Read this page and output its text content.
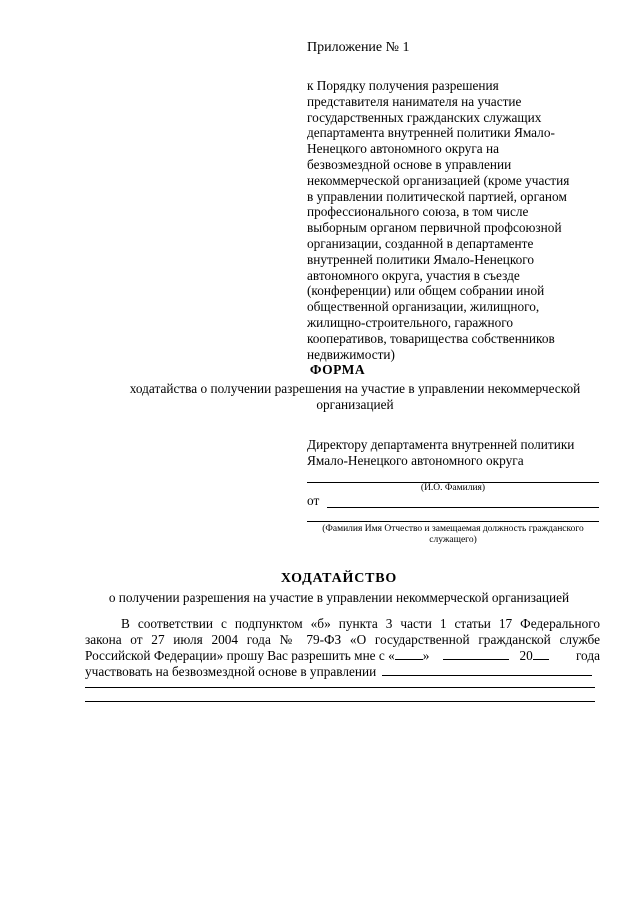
Приложение № 1
к Порядку получения разрешения
представителя нанимателя на участие
государственных гражданских служащих
департамента внутренней политики Ямало-
Ненецкого автономного округа на
безвозмездной основе в управлении
некоммерческой организацией (кроме участия
в управлении политической партией, органом
профессионального союза, в том числе
выборным органом первичной профсоюзной
организации, созданной в департаменте
внутренней политики Ямало-Ненецкого
автономного округа, участия в съезде
(конференции) или общем собрании иной
общественной организации, жилищного,
жилищно-строительного, гаражного
кооперативов, товарищества собственников
недвижимости)
ФОРМА
ходатайства о получении разрешения на участие в управлении некоммерческой
организацией
Директору департамента внутренней политики
Ямало-Ненецкого автономного округа
(И.О. Фамилия)
от
(Фамилия Имя Отчество и замещаемая должность гражданского
служащего)
ХОДАТАЙСТВО
о получении разрешения на участие в управлении некоммерческой организацией
В соответствии с подпунктом «б» пункта 3 части 1 статьи 17 Федерального
закона от 27 июля 2004 года № 79-ФЗ «О государственной гражданской службе
Российской Федерации» прошу Вас разрешить мне с « »	20	года
участвовать на безвозмездной основе в управлении
